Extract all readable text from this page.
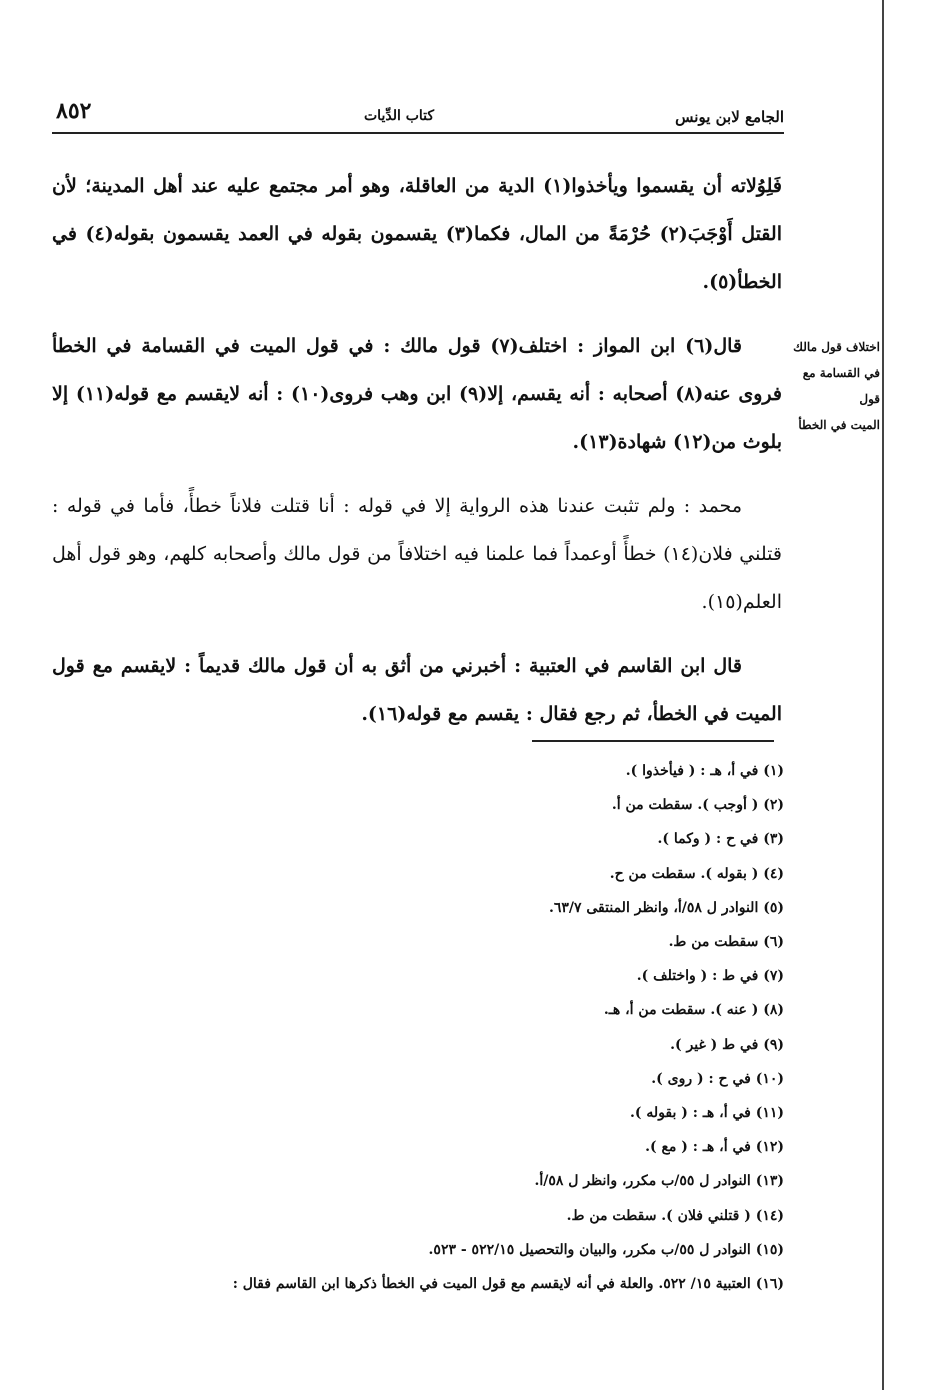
الجامع لابن يونس
كتاب الدِّيات
٨٥٢

فَلِوُلاته أن يقسموا ويأخذوا(١) الدية من العاقلة، وهو أمر مجتمع عليه عند أهل المدينة؛ لأن القتل أَوْجَبَ(٢) حُرْمَةً من المال، فكما(٣) يقسمون بقوله في العمد يقسمون بقوله(٤) في الخطأ(٥).

قال(٦) ابن المواز : اختلف(٧) قول مالك : في قول الميت في القسامة في الخطأ فروى عنه(٨) أصحابه : أنه يقسم، إلا(٩) ابن وهب فروى(١٠) : أنه لايقسم مع قوله(١١) إلا بلوث من(١٢) شهادة(١٣).

محمد : ولم تثبت عندنا هذه الرواية إلا في قوله : أنا قتلت فلاناً خطأً، فأما في قوله : قتلني فلان(١٤) خطأً أوعمداً فما علمنا فيه اختلافاً من قول مالك وأصحابه كلهم، وهو قول أهل العلم(١٥).

قال ابن القاسم في العتبية : أخبرني من أثق به أن قول مالك قديماً : لايقسم مع قول الميت في الخطأ، ثم رجع فقال : يقسم مع قوله(١٦).

اختلاف قول مالك
في القسامة مع قول
الميت في الخطأ
(١) في أ، هـ : ( فيأخذوا ).
(٢) ( أوجب ). سقطت من أ.
(٣) في ح : ( وكما ).
(٤) ( بقوله ). سقطت من ح.
(٥) النوادر ل ٥٨/أ، وانظر المنتقى ٦٣/٧.
(٦) سقطت من ط.
(٧) في ط : ( واختلف ).
(٨) ( عنه ). سقطت من أ، هـ.
(٩) في ط ( غير ).
(١٠) في ح : ( روى ).
(١١) في أ، هـ : ( بقوله ).
(١٢) في أ، هـ : ( مع ).
(١٣) النوادر ل ٥٥/ب مكرر، وانظر ل ٥٨/أ.
(١٤) ( قتلني فلان ). سقطت من ط.
(١٥) النوادر ل ٥٥/ب مكرر، والبيان والتحصيل ٥٢٢/١٥ - ٥٢٣.
(١٦) العتبية ١٥/ ٥٢٢. والعلة في أنه لايقسم مع قول الميت في الخطأ ذكرها ابن القاسم فقال :
